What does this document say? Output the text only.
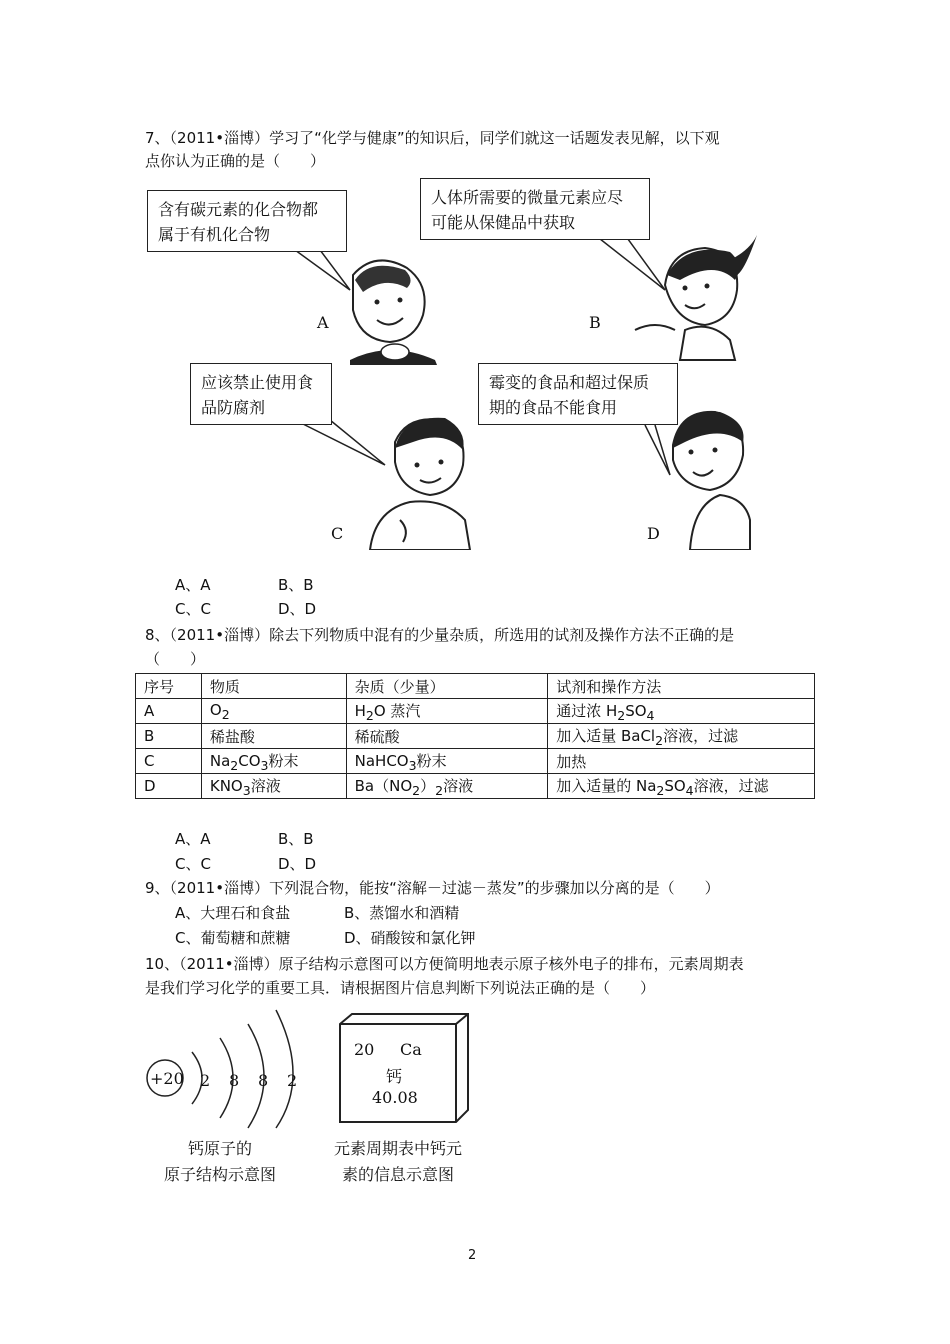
7、（2011•淄博）学习了“化学与健康”的知识后，同学们就这一话题发表见解，以下观
点你认为正确的是（　　）
含有碳元素的化合物都
属于有机化合物
人体所需要的微量元素应尽
可能从保健品中获取
应该禁止使用食
品防腐剂
霉变的食品和超过保质
期的食品不能食用
A	B
C	D
A、A	B、B
C、C	D、D
8、（2011•淄博）除去下列物质中混有的少量杂质，所选用的试剂及操作方法不正确的是
（　　）
序号	物质	杂质（少量）	试剂和操作方法
A	$O_2$	$H_2O$ 蒸汽	通过浓 $H_2SO_4$
B	稀盐酸	稀硫酸	加入适量 BaCl$_2$溶液，过滤
C	$Na_2CO_3$粉末	NaHCO$_3$粉末	加热
D	$KNO_3$溶液	$Ba(NO_2)_2$溶液	加入适量的 $Na_2SO_4$溶液，过滤
A、A	B、B
C、C	D、D
9、（2011•淄博）下列混合物，能按“溶解－过滤－蒸发”的步骤加以分离的是（　　）
A、大理石和食盐	B、蒸馏水和酒精
C、葡萄糖和蔗糖	D、硝酸铵和氯化钾
10、（2011•淄博）原子结构示意图可以方便简明地表示原子核外电子的排布，元素周期表
是我们学习化学的重要工具．请根据图片信息判断下列说法正确的是（　　）
+20 2 8 8 2
钙原子的
原子结构示意图
20 Ca
钙
40.08
元素周期表中钙元
素的信息示意图
2
